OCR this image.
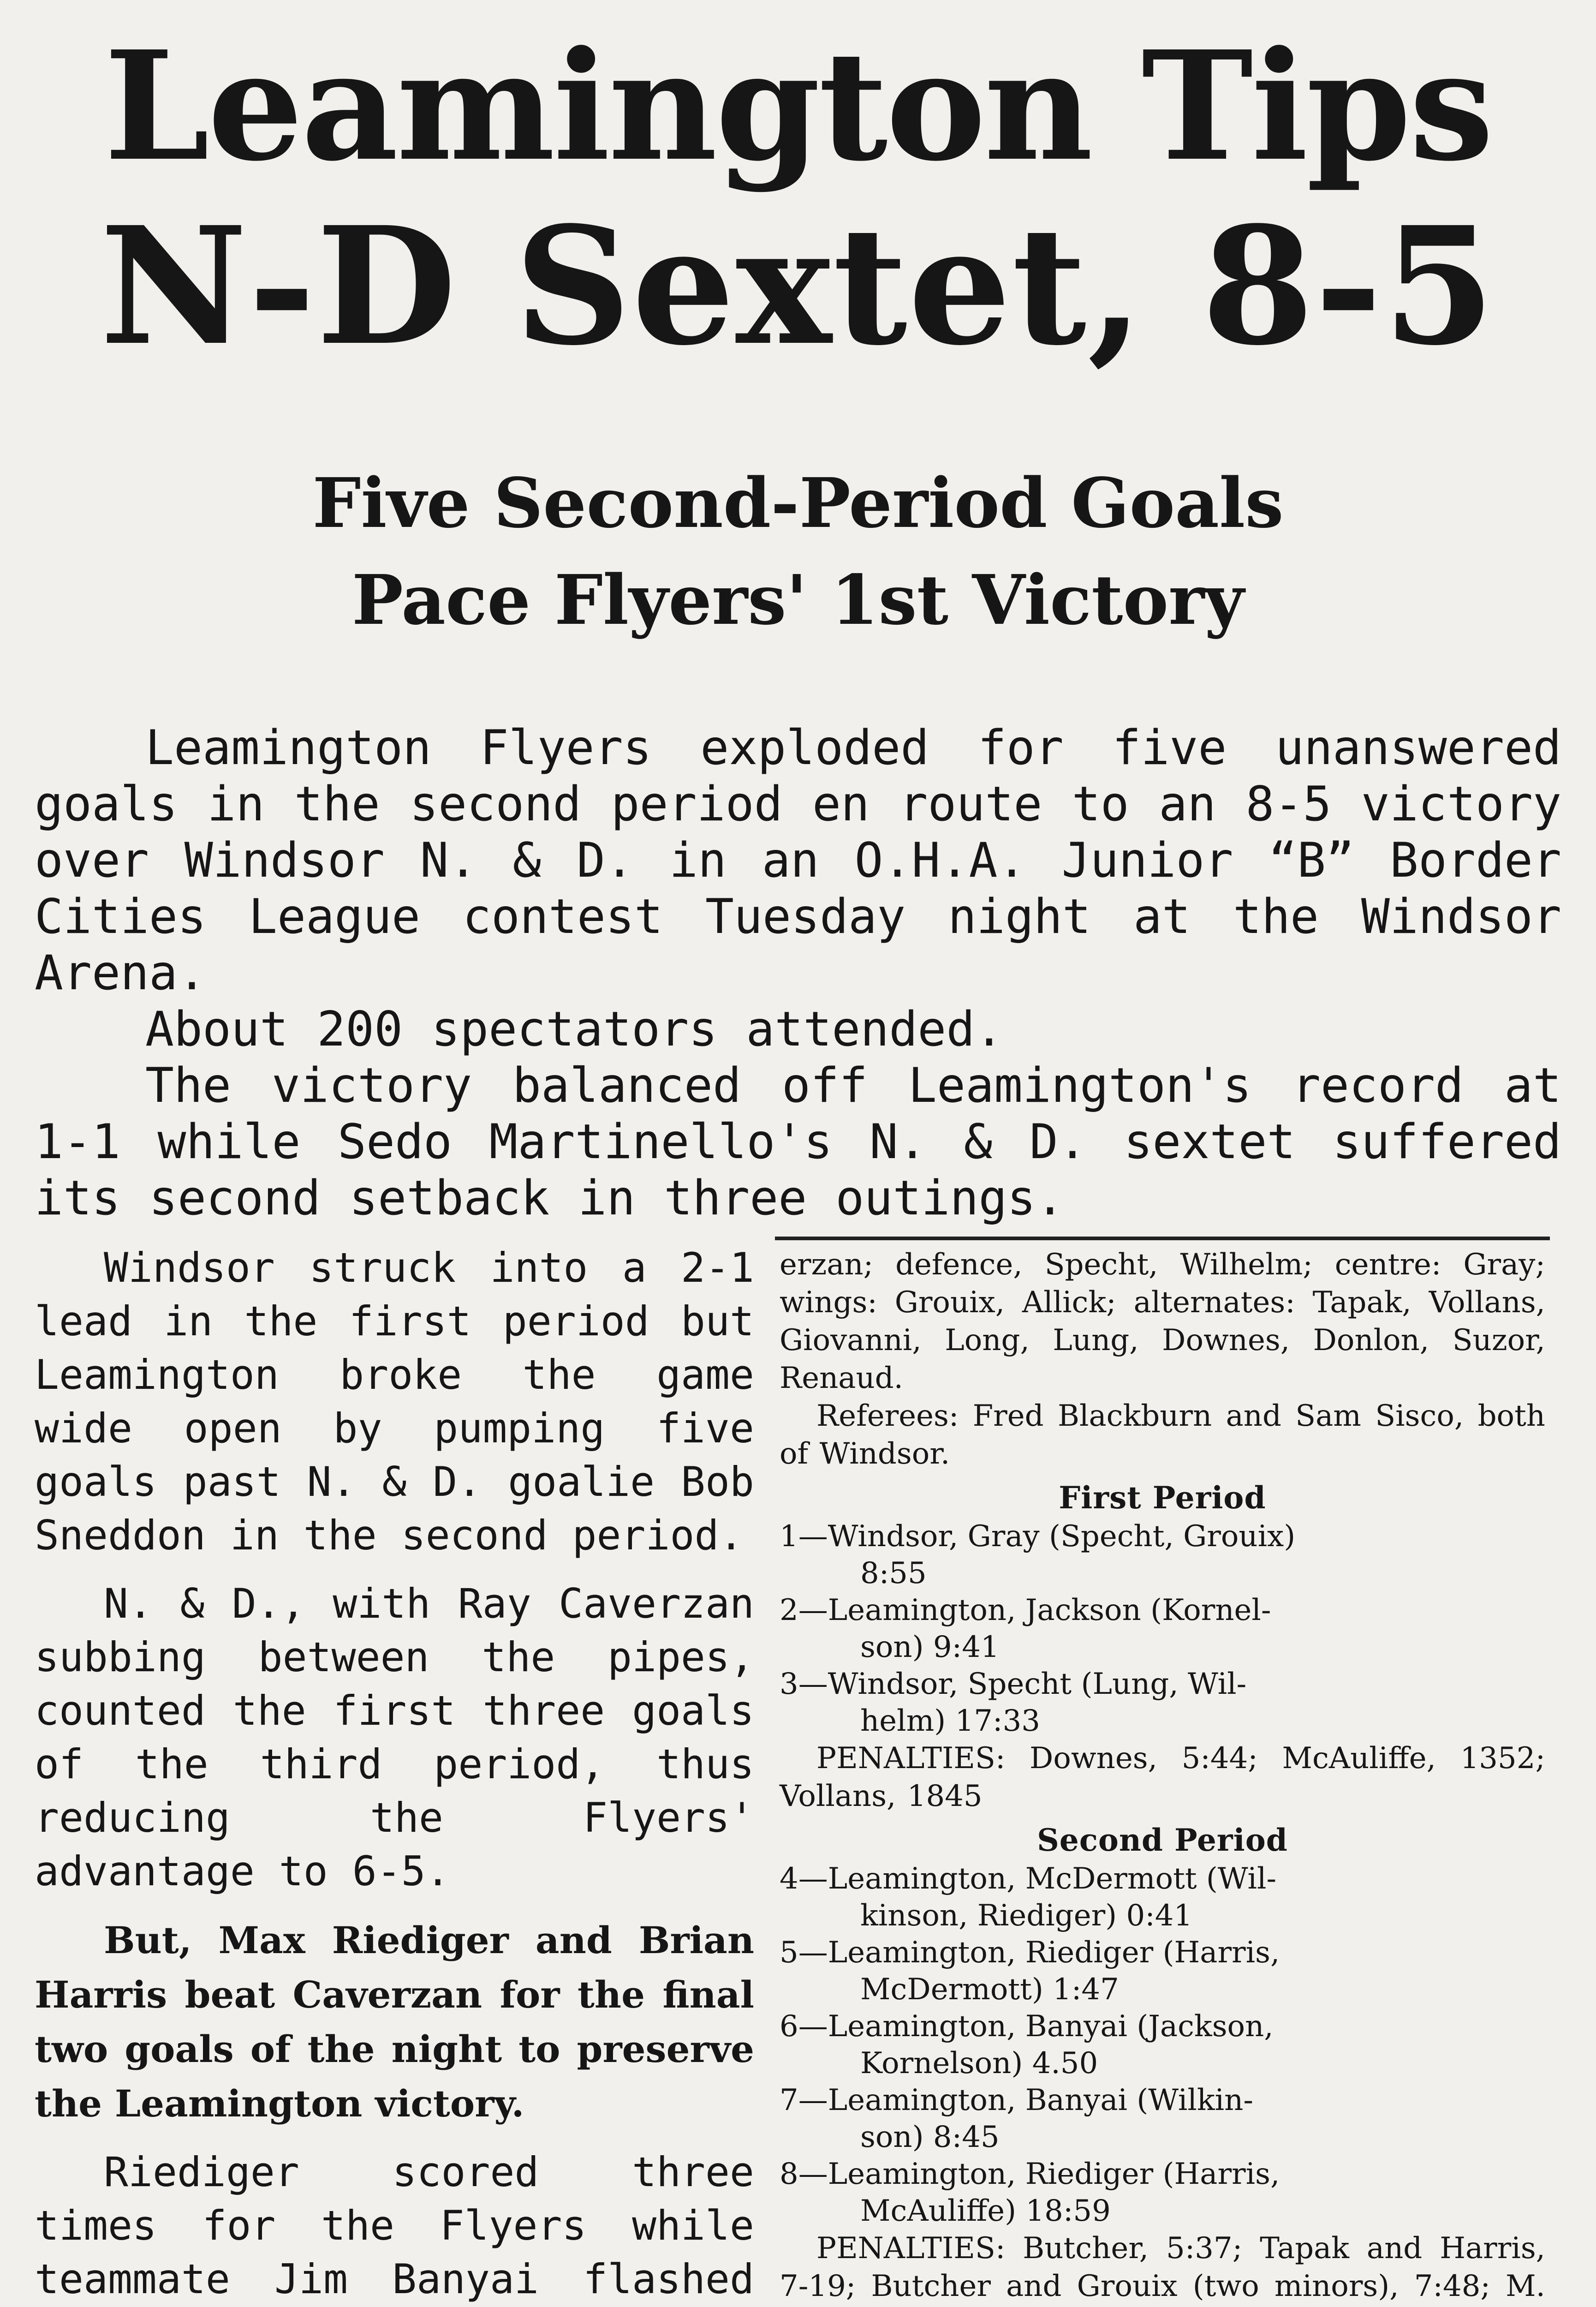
Leamington Tips
N-D Sextet, 8-5
Five Second-Period Goals
Pace Flyers' 1st Victory

Leamington Flyers exploded for five unanswered goals in the second period en route to an 8-5 victory over Windsor N. & D. in an O.H.A. Junior “B” Border Cities League contest Tuesday night at the Windsor Arena.

About 200 spectators attended.

The victory balanced off Leamington's record at 1-1 while Sedo Martinello's N. & D. sextet suffered its second setback in three outings.

Windsor struck into a 2-1 lead in the first period but Leamington broke the game wide open by pumping five goals past N. & D. goalie Bob Sneddon in the second period.

N. & D., with Ray Caverzan subbing between the pipes, counted the first three goals of the third period, thus reducing the Flyers' advantage to 6-5.

But, Max Riediger and Brian Harris beat Caverzan for the final two goals of the night to preserve the Leamington victory.

Riediger scored three times for the Flyers while teammate Jim Banyai flashed

erzan; defence, Specht, Wilhelm; centre: Gray; wings: Grouix, Allick; alternates: Tapak, Vollans, Giovanni, Long, Lung, Downes, Donlon, Suzor, Renaud.

Referees: Fred Blackburn and Sam Sisco, both of Windsor.

First Period
1—Windsor, Gray (Specht, Grouix)
8:55
2—Leamington, Jackson (Kornel-
son) 9:41
3—Windsor, Specht (Lung, Wil-
helm) 17:33

PENALTIES: Downes, 5:44; McAuliffe, 1352; Vollans, 1845

Second Period
4—Leamington, McDermott (Wil-
kinson, Riediger) 0:41
5—Leamington, Riediger (Harris,
McDermott) 1:47
6—Leamington, Banyai (Jackson,
Kornelson) 4.50
7—Leamington, Banyai (Wilkin-
son) 8:45
8—Leamington, Riediger (Harris,
McAuliffe) 18:59

PENALTIES: Butcher, 5:37; Tapak and Harris, 7-19; Butcher and Grouix (two minors), 7:48; M.
